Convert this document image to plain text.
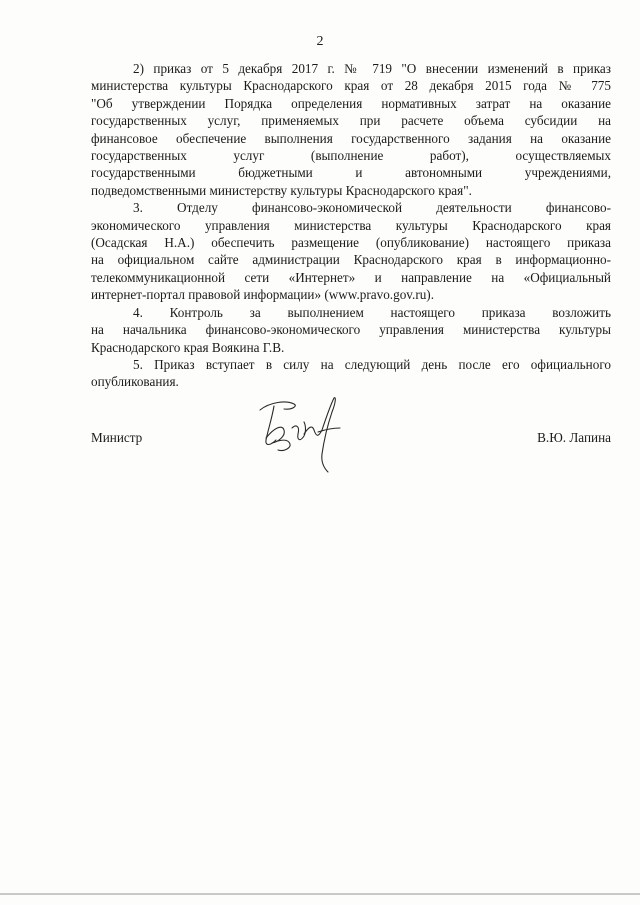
2
2) приказ от 5 декабря 2017 г. № 719 "О внесении изменений в приказ
министерства культуры Краснодарского края от 28 декабря 2015 года № 775
"Об утверждении Порядка определения нормативных затрат на оказание
государственных услуг, применяемых при расчете объема субсидии на
финансовое обеспечение выполнения государственного задания на оказание
государственных услуг (выполнение работ), осуществляемых
государственными бюджетными и автономными учреждениями,
подведомственными министерству культуры Краснодарского края".
3. Отделу финансово-экономической деятельности финансово-
экономического управления министерства культуры Краснодарского края
(Осадская Н.А.) обеспечить размещение (опубликование) настоящего приказа
на официальном сайте администрации Краснодарского края в информационно-
телекоммуникационной сети «Интернет» и направление на «Официальный
интернет-портал правовой информации» (www.pravo.gov.ru).
4. Контроль за выполнением настоящего приказа возложить
на начальника финансово-экономического управления министерства культуры
Краснодарского края Воякина Г.В.
5. Приказ вступает в силу на следующий день после его официального
опубликования.
Министр	В.Ю. Лапина
